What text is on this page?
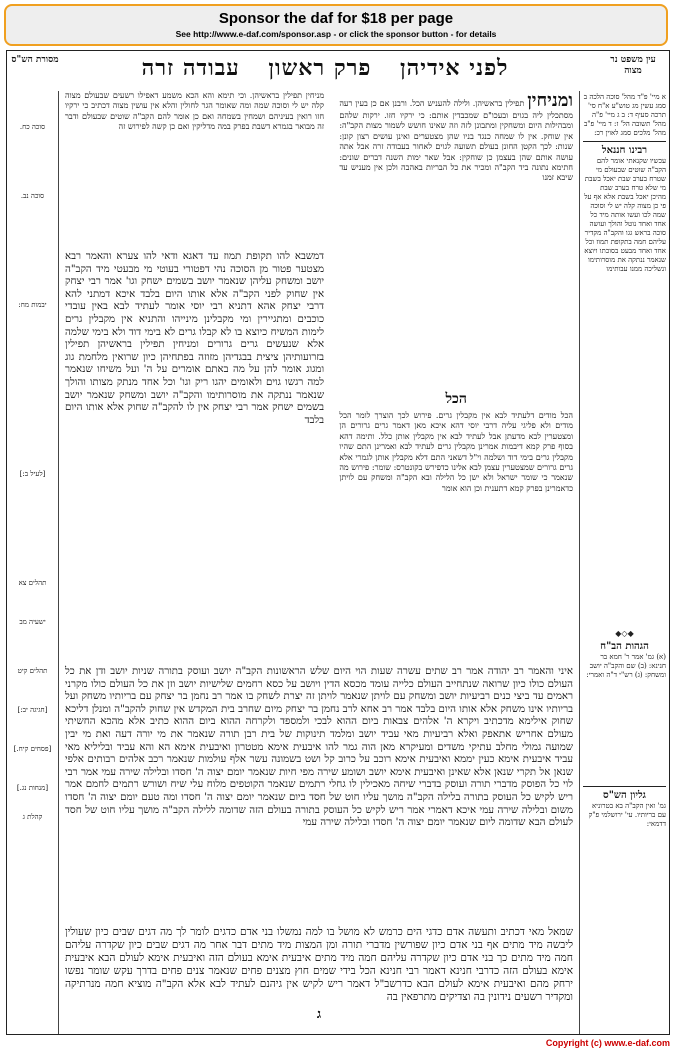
Sponsor the daf for $18 per page
See http://www.e-daf.com/sponsor.asp - or click the sponsor button - for details
עין משפט נר מצוה
לפני אידיהן פרק ראשון עבודה זרה
מסורת הש"ס
א מיי' פ"ד מהל' סוכה הלכה ב סמג עשין מג טוש"ע א"ח סי' תרכה סעיף ד: ב ג מיי' פ"ה מהל' תשובה הל' ז: ד מיי' פ"ב מהל' מלכים סמג לאוין רכ:
רבינו חננאל
עכשיו שקנאתי אומר להם הקב"ה שוטים שבעולם מי שטרח בערב שבת יאכל בשבת מי שלא טרח בערב שבת מהיכן יאכל בשבת אלא אף על פי כן מצוה קלה יש לי וסוכה שמה לכו ועשו אותה מיד כל אחד ואחד נוטל והולך ועושה סוכה בראש גגו והקב"ה מקדיר עליהם חמה בתקופת תמוז וכל אחד ואחד מבעט בסוכתו ויוצא שנאמר ננתקה את מוסרותימו ונשליכה ממנו עבותימו
◆◇◆
הגהות הב"ח
(א) גמ' אמר ר' חמא בר חנינא: (ב) שם והקב"ה יושב ומשחק: (ג) רש"י ד"ה ואמרי:
גליון הש"ס
גמ' ואין הקב"ה בא בטרוניא עם בריותיו. עי' ירושלמי פ"ק דדמאי:
סוכה כח.
סוכה נב.
יבמות מח:
[לעיל ב:]
תהלים צא
ישעיה מב
תהלים קיט
[חגיגה יב:]
[פסחים קיח.]
[מנחות נג.]
קהלת ג
ומניחין תפילין בראשיהן. ולילה להעניש הכל. ורבנן אם כן בעין רעה מסתכלין ליה בגוים ובעכו"ם שמכבדין אותם: כי ירקיו חזו. ירקות שלהם ומבהילות היום ומשחקין ומתבונן לזה וזה שאינו חושש לשמור מצות הקב"ה: אין שוחק. אין לו שמחה כנגד בניו שהן מצטערים ואינן עושים רצון קונן: שנות: לכך הקטן החונן בעולם תשועה לגוים לאחור בעבודה זרה אבל אתה עושה אותם שהן בעצמן כן שוחקין: אבל שאר ימות השנה דברים שונים: חתימא נתונה ביד הקב"ה ומכיר את כל הבריות באהבה ולכן אין מעניש עד שיבא זמנו
מניחין תפילין בראשיהן. וכי תימא והא הכא משמע דאפילו רשעים שבעולם מצוה קלה יש לי וסוכה שמה ומה שאומר הגר לחולין והלא אין עושין מצוה דכתיב כי ירקיו חזו רואין בעיניהם ושמחין בשמחה ואם כן אומר להם הקב"ה שוטים שבעולם ודבר זה מבואר בגמרא דשבת בפרק במה מדליקין ואם כן קשה לפירוש זה
דמשבא להו תקופת תמוז עד דאגא ודאי להו צערא והאמר רבא מצטער פטור מן הסוכה נהי דפטורי בעוטי מי מבעטי מיד הקב"ה יושב ומשחק עליהן שנאמר יושב בשמים ישחק וגו' אמר רבי יצחק אין שחוק לפני הקב"ה אלא אותו היום בלבד איכא דמתני להא דרבי יצחק אהא דתניא רבי יוסי אומר לעתיד לבא באין עובדי כוכבים ומתגיירין ומי מקבלינן מינייהו והתניא אין מקבלין גרים לימות המשיח כיוצא בו לא קבלו גרים לא בימי דוד ולא בימי שלמה אלא שנעשים גרים גרורים ומניחין תפילין בראשיהן תפילין בזרועותיהן ציצית בבגדיהן מזוזה בפתחיהן כיון שרואין מלחמת גוג ומגוג אומר להן על מה באתם אומרים על ה' ועל משיחו שנאמר למה רגשו גוים ולאומים יהגו ריק וגו' וכל אחד מנתק מצותו והולך שנאמר ננתקה את מוסרותימו והקב"ה יושב ומשחק שנאמר יושב בשמים ישחק אמר רבי יצחק אין לו להקב"ה שחוק אלא אותו היום בלבד
הכל
הכל מודים דלעתיד לבא אין מקבלין גרים. פירוש לכך הוצרך לומר הכל מודים ולא פליגי עליה דרבי יוסי דהא איכא מאן דאמר גרים גרורים הן ומצטערין לבא מדעתן אבל לעתיד לבא אין מקבלין אותן כלל. ותימה דהא בסוף פרק קמא דיבמות אמרינן מקבלין גרים לעתיד לבא ואמרינן התם שהיו מקבלין גרים בימי דוד ושלמה וי"ל דשאני התם דלא מקבלין אותן לגמרי אלא גרים גרורים שמצטערין עצמן לבא אלינו כדפירש בקונטרס: שומר: פירוש מה שנאמר כי שומר ישראל ולא ישן כל הלילה ובא הקב"ה ומשחק עם לויתן כדאמרינן בפרק קמא דתענית וכן הוא אומר
איני והאמר רב יהודה אמר רב שתים עשרה שעות הוי היום שלש הראשונות הקב"ה יושב ועוסק בתורה שניות יושב ודן את כל העולם כולו כיון שרואה שנתחייב העולם כלייה עומד מכסא הדין ויושב על כסא רחמים שלישיות יושב וזן את כל העולם כולו מקרני ראמים עד ביצי כנים רביעיות יושב ומשחק עם לויתן שנאמר לויתן זה יצרת לשחק בו אמר רב נחמן בר יצחק עם בריותיו משחק ועל בריותיו אינו משחק אלא אותו היום בלבד אמר רב אחא לרב נחמן בר יצחק מיום שחרב בית המקדש אין שחוק להקב"ה ומנלן דליכא שחוק אילימא מדכתיב ויקרא ה' אלהים צבאות ביום ההוא לבכי ולמספד ולקרחה ההוא ביום ההוא כתיב אלא מהכא החשיתי מעולם אחריש אתאפק ואלא רביעיות מאי עביד יושב ומלמד תינוקות של בית רבן תורה שנאמר את מי יורה דעה ואת מי יבין שמועה גמולי מחלב עתיקי משדים ומעיקרא מאן הוה גמר להו איבעית אימא מטטרון ואיבעית אימא הא והא עביד ובליליא מאי עביד איבעית אימא כעין יממא ואיבעית אימא רוכב על כרוב קל ושט בשמונה עשר אלף עולמות שנאמר רכב אלהים רבותים אלפי שנאן אל תקרי שנאן אלא שאינן ואיבעית אימא יושב ושומע שירה מפי חיות שנאמר יומם יצוה ה' חסדו ובלילה שירה עמי אמר רבי לוי כל הפוסק מדברי תורה ועוסק בדברי שיחה מאכילין לו גחלי רתמים שנאמר הקוטפים מלוח עלי שיח ושורש רתמים לחמם אמר ריש לקיש כל העוסק בתורה בלילה הקב"ה מושך עליו חוט של חסד ביום שנאמר יומם יצוה ה' חסדו ומה טעם יומם יצוה ה' חסדו משום ובלילה שירה עמי איכא דאמרי אמר ריש לקיש כל העוסק בתורה בעולם הזה שדומה ללילה הקב"ה מושך עליו חוט של חסד לעולם הבא שדומה ליום שנאמר יומם יצוה ה' חסדו ובלילה שירה עמי
שמאל מאי דכתיב ותעשה אדם כדגי הים כרמש לא מושל בו למה נמשלו בני אדם כדגים לומר לך מה דגים שבים כיון שעולין ליבשה מיד מתים אף בני אדם כיון שפורשין מדברי תורה ומן המצות מיד מתים דבר אחר מה דגים שבים כיון שקדרה עליהם חמה מיד מתים כך בני אדם כיון שקדרה עליהם חמה מיד מתים איבעית אימא בעולם הזה ואיבעית אימא לעולם הבא איבעית אימא בעולם הזה כדרבי חנינא דאמר רבי חנינא הכל בידי שמים חוץ מצנים פחים שנאמר צנים פחים בדרך עקש שומר נפשו ירחק מהם ואיבעית אימא לעולם הבא כדרשב"ל דאמר ריש לקיש אין גיהנם לעתיד לבא אלא הקב"ה מוציא חמה מנרתיקה ומקדיר רשעים נידונין בה וצדיקים מתרפאין בה
ג
Copyright (c) www.e-daf.com
